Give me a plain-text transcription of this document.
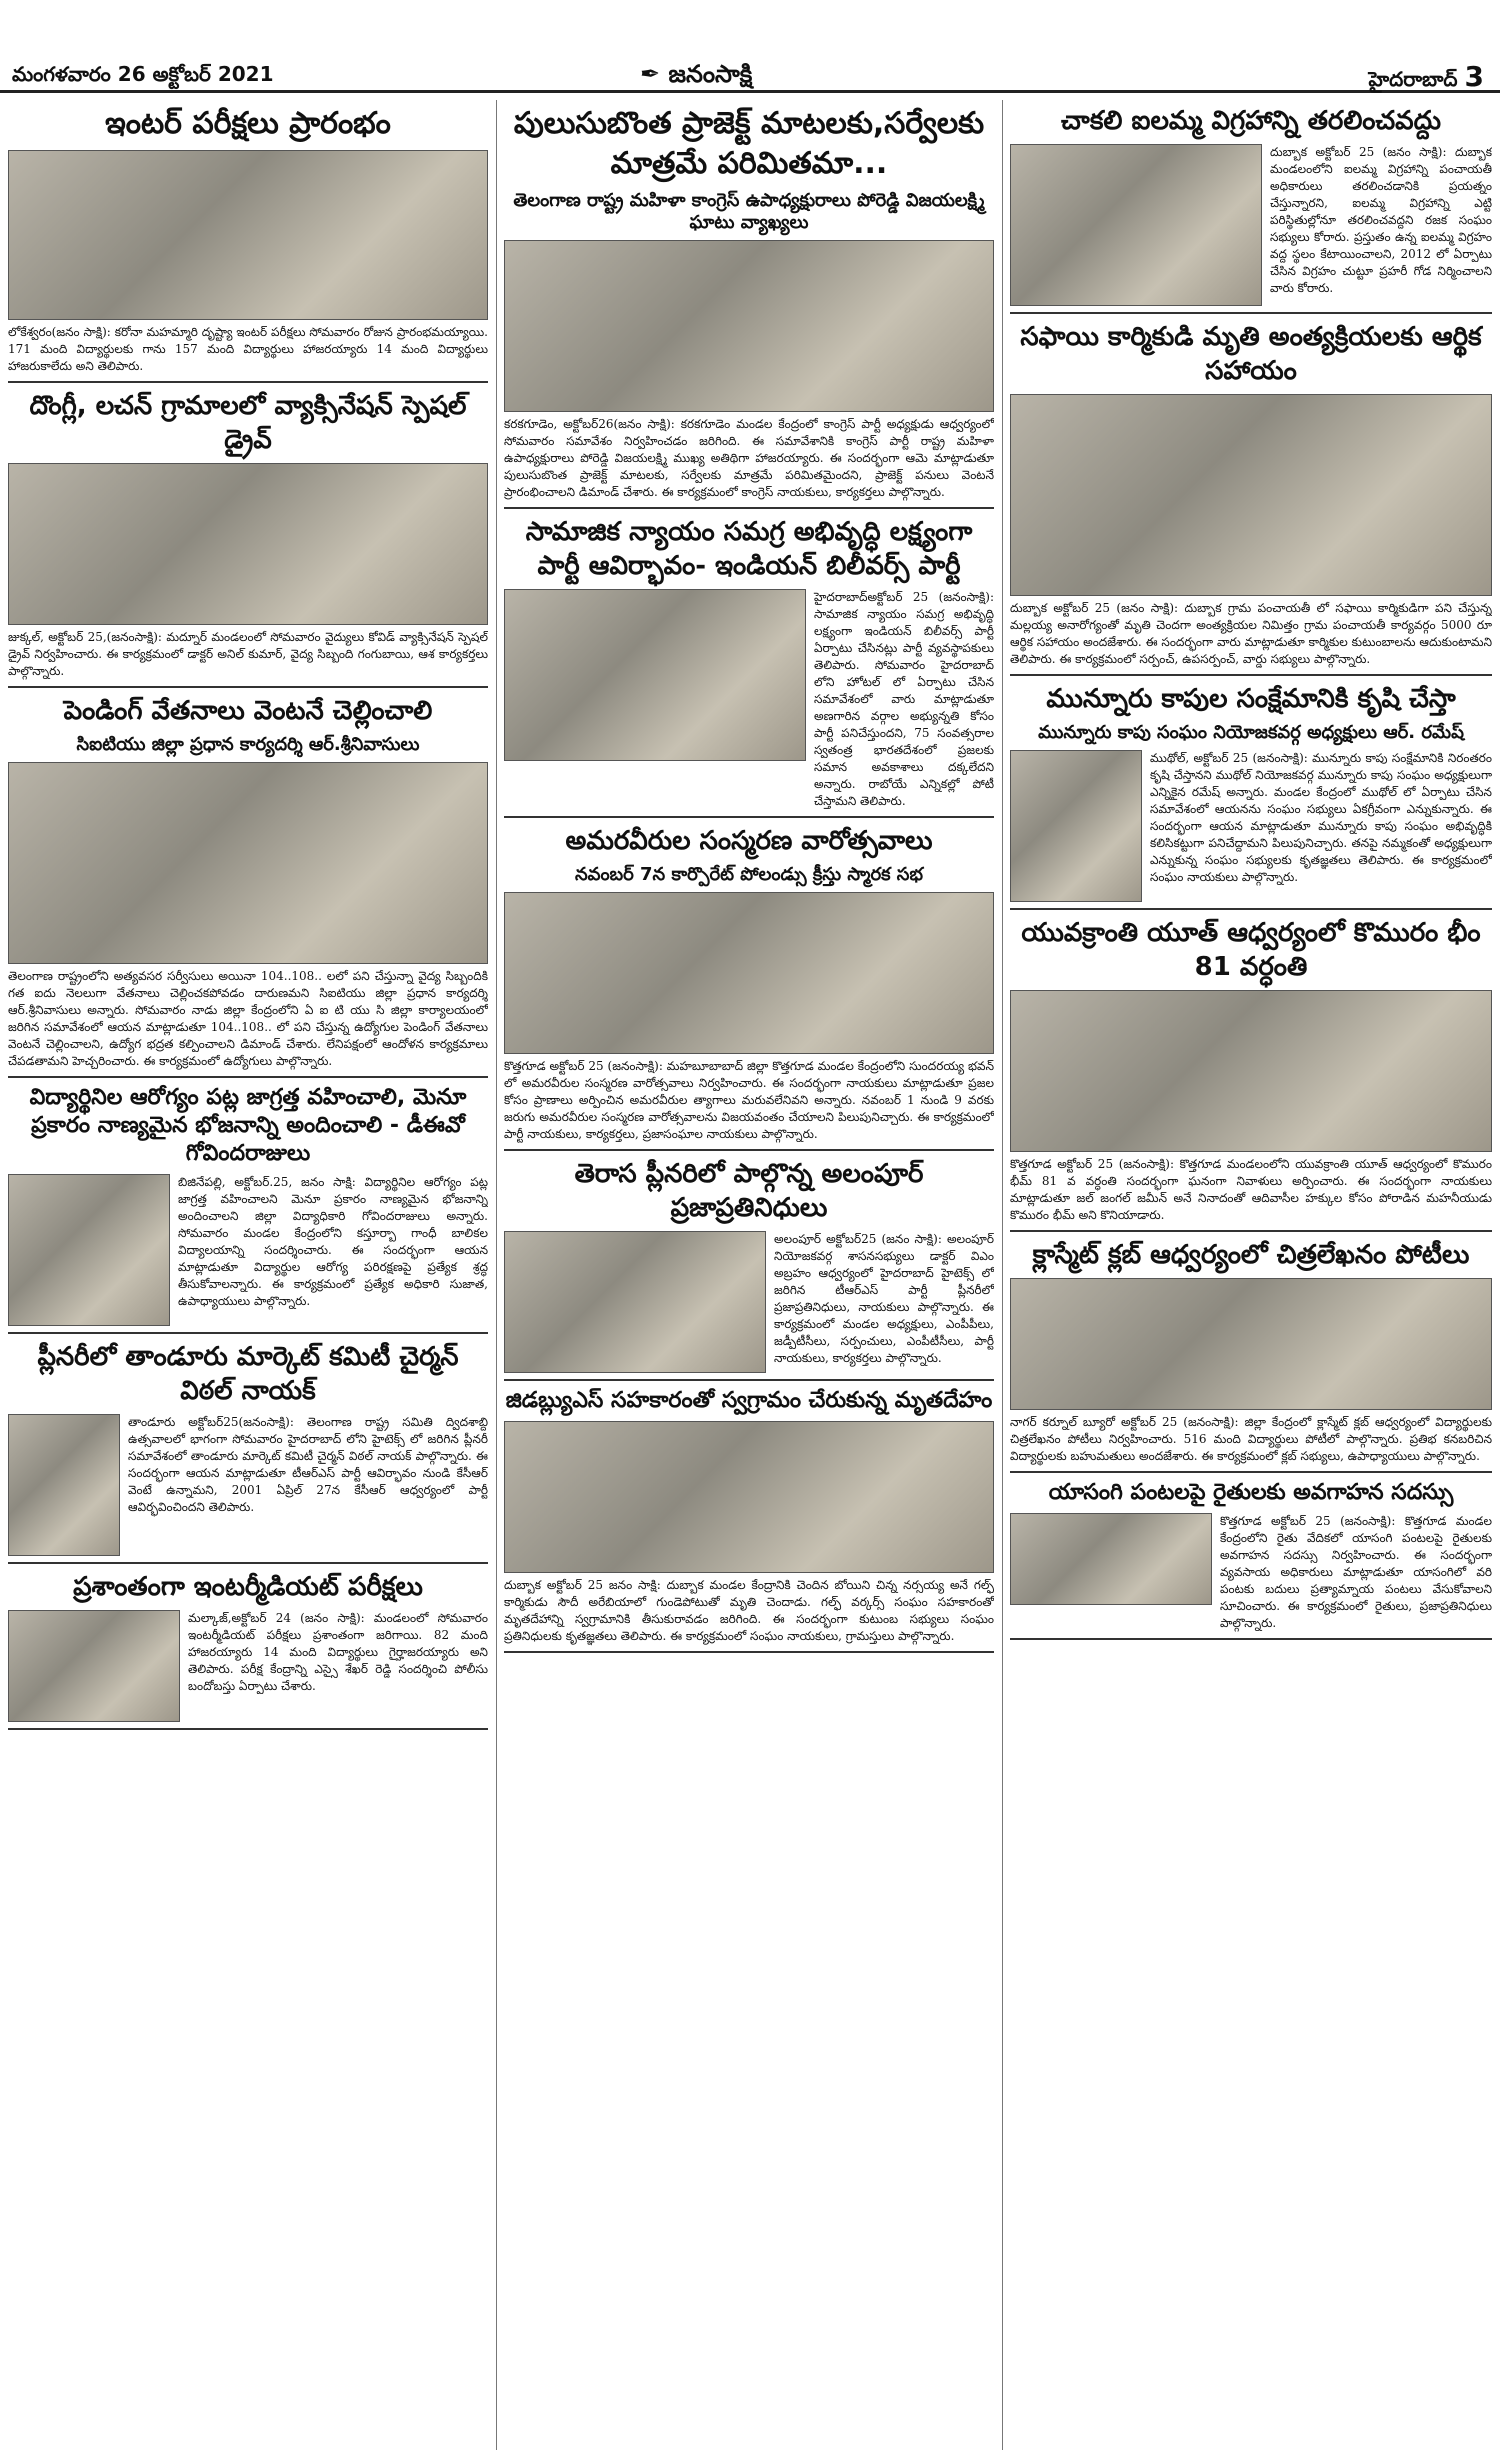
మంగళవారం 26 అక్టోబర్ 2021	✒ జనంసాక్షి	హైదరాబాద్ 3
ఇంటర్ పరీక్షలు ప్రారంభం

లోకేశ్వరం(జనం సాక్షి): కరోనా మహమ్మారి దృష్ట్యా ఇంటర్ పరీక్షలు సోమవారం రోజున ప్రారంభమయ్యాయి. 171 మంది విద్యార్థులకు గాను 157 మంది విద్యార్థులు హాజరయ్యారు 14 మంది విద్యార్థులు హాజరుకాలేదు అని తెలిపారు.

దొంగ్లీ, లచన్ గ్రామాలలో వ్యాక్సినేషన్ స్పెషల్ డ్రైవ్

జుక్కల్, అక్టోబర్ 25,(జనంసాక్షి): మద్నూర్ మండలంలో సోమవారం వైద్యులు కోవిడ్ వ్యాక్సినేషన్ స్పెషల్ డ్రైవ్ నిర్వహించారు. ఈ కార్యక్రమంలో డాక్టర్ అనిల్ కుమార్, వైద్య సిబ్బంది గంగుబాయి, ఆశ కార్యకర్తలు పాల్గొన్నారు.

పెండింగ్ వేతనాలు వెంటనే చెల్లించాలి
సిఐటియు జిల్లా ప్రధాన కార్యదర్శి ఆర్.శ్రీనివాసులు

తెలంగాణ రాష్ట్రంలోని అత్యవసర సర్వీసులు అయినా 104..108.. లలో పని చేస్తున్నా వైద్య సిబ్బందికి గత ఐదు నెలలుగా వేతనాలు చెల్లించకపోవడం దారుణమని సిఐటియు జిల్లా ప్రధాన కార్యదర్శి ఆర్.శ్రీనివాసులు అన్నారు. సోమవారం నాడు జిల్లా కేంద్రంలోని ఏ ఐ టి యు సి జిల్లా కార్యాలయంలో జరిగిన సమావేశంలో ఆయన మాట్లాడుతూ 104..108.. లో పని చేస్తున్న ఉద్యోగుల పెండింగ్ వేతనాలు వెంటనే చెల్లించాలని, ఉద్యోగ భద్రత కల్పించాలని డిమాండ్ చేశారు. లేనిపక్షంలో ఆందోళన కార్యక్రమాలు చేపడతామని హెచ్చరించారు. ఈ కార్యక్రమంలో ఉద్యోగులు పాల్గొన్నారు.

విద్యార్థినిల ఆరోగ్యం పట్ల జాగ్రత్త వహించాలి, మెనూ ప్రకారం నాణ్యమైన భోజనాన్ని అందించాలి - డీఈవో గోవిందరాజులు

బిజినేపల్లి, అక్టోబర్.25, జనం సాక్షి: విద్యార్థినిల ఆరోగ్యం పట్ల జాగ్రత్త వహించాలని మెనూ ప్రకారం నాణ్యమైన భోజనాన్ని అందించాలని జిల్లా విద్యాధికారి గోవిందరాజులు అన్నారు. సోమవారం మండల కేంద్రంలోని కస్తూర్బా గాంధీ బాలికల విద్యాలయాన్ని సందర్శించారు. ఈ సందర్భంగా ఆయన మాట్లాడుతూ విద్యార్థుల ఆరోగ్య పరిరక్షణపై ప్రత్యేక శ్రద్ధ తీసుకోవాలన్నారు. ఈ కార్యక్రమంలో ప్రత్యేక అధికారి సుజాత, ఉపాధ్యాయులు పాల్గొన్నారు.

ప్లీనరీలో తాండూరు మార్కెట్ కమిటీ చైర్మన్ విఠల్ నాయక్

తాండూరు అక్టోబర్25(జనంసాక్షి): తెలంగాణ రాష్ట్ర సమితి ద్విదశాబ్ది ఉత్సవాలలో భాగంగా సోమవారం హైదరాబాద్ లోని హైటెక్స్ లో జరిగిన ప్లీనరీ సమావేశంలో తాండూరు మార్కెట్ కమిటీ చైర్మన్ విఠల్ నాయక్ పాల్గొన్నారు. ఈ సందర్భంగా ఆయన మాట్లాడుతూ టీఆర్ఎస్ పార్టీ ఆవిర్భావం నుండి కేసీఆర్ వెంటే ఉన్నామని, 2001 ఏప్రిల్ 27న కేసీఆర్ ఆధ్వర్యంలో పార్టీ ఆవిర్భవించిందని తెలిపారు.

ప్రశాంతంగా ఇంటర్మీడియట్ పరీక్షలు

మల్కాజ్,అక్టోబర్ 24 (జనం సాక్షి): మండలంలో సోమవారం ఇంటర్మీడియట్ పరీక్షలు ప్రశాంతంగా జరిగాయి. 82 మంది హాజరయ్యారు 14 మంది విద్యార్థులు గైర్హాజరయ్యారు అని తెలిపారు. పరీక్ష కేంద్రాన్ని ఎస్సై శేఖర్ రెడ్డి సందర్శించి పోలీసు బందోబస్తు ఏర్పాటు చేశారు.

పులుసుబొంత ప్రాజెక్ట్ మాటలకు,సర్వేలకు మాత్రమే పరిమితమా...
తెలంగాణ రాష్ట్ర మహిళా కాంగ్రెస్ ఉపాధ్యక్షురాలు పోరెడ్డి విజయలక్ష్మి ఘాటు వ్యాఖ్యలు

కరకగూడెం, అక్టోబర్26(జనం సాక్షి): కరకగూడెం మండల కేంద్రంలో కాంగ్రెస్ పార్టీ అధ్యక్షుడు ఆధ్వర్యంలో సోమవారం సమావేశం నిర్వహించడం జరిగింది. ఈ సమావేశానికి కాంగ్రెస్ పార్టీ రాష్ట్ర మహిళా ఉపాధ్యక్షురాలు పోరెడ్డి విజయలక్ష్మి ముఖ్య అతిథిగా హాజరయ్యారు. ఈ సందర్భంగా ఆమె మాట్లాడుతూ పులుసుబొంత ప్రాజెక్ట్ మాటలకు, సర్వేలకు మాత్రమే పరిమితమైందని, ప్రాజెక్ట్ పనులు వెంటనే ప్రారంభించాలని డిమాండ్ చేశారు. ఈ కార్యక్రమంలో కాంగ్రెస్ నాయకులు, కార్యకర్తలు పాల్గొన్నారు.

సామాజిక న్యాయం సమగ్ర అభివృద్ధి లక్ష్యంగా పార్టీ ఆవిర్భావం- ఇండియన్ బిలీవర్స్ పార్టీ

హైదరాబాద్అక్టోబర్ 25 (జనంసాక్షి): సామాజిక న్యాయం సమగ్ర అభివృద్ధి లక్ష్యంగా ఇండియన్ బిలీవర్స్ పార్టీ ఏర్పాటు చేసినట్లు పార్టీ వ్యవస్థాపకులు తెలిపారు. సోమవారం హైదరాబాద్ లోని హోటల్ లో ఏర్పాటు చేసిన సమావేశంలో వారు మాట్లాడుతూ అణగారిన వర్గాల అభ్యున్నతి కోసం పార్టీ పనిచేస్తుందని, 75 సంవత్సరాల స్వతంత్ర భారతదేశంలో ప్రజలకు సమాన అవకాశాలు దక్కలేదని అన్నారు. రాబోయే ఎన్నికల్లో పోటీ చేస్తామని తెలిపారు.

అమరవీరుల సంస్మరణ వారోత్సవాలు
నవంబర్ 7న కార్పొరేట్ పోలండ్సు క్రీస్తు స్మారక సభ

కొత్తగూడ అక్టోబర్ 25 (జనంసాక్షి): మహబూబాబాద్ జిల్లా కొత్తగూడ మండల కేంద్రంలోని సుందరయ్య భవన్ లో అమరవీరుల సంస్మరణ వారోత్సవాలు నిర్వహించారు. ఈ సందర్భంగా నాయకులు మాట్లాడుతూ ప్రజల కోసం ప్రాణాలు అర్పించిన అమరవీరుల త్యాగాలు మరువలేనివని అన్నారు. నవంబర్ 1 నుండి 9 వరకు జరుగు అమరవీరుల సంస్మరణ వారోత్సవాలను విజయవంతం చేయాలని పిలుపునిచ్చారు. ఈ కార్యక్రమంలో పార్టీ నాయకులు, కార్యకర్తలు, ప్రజాసంఘాల నాయకులు పాల్గొన్నారు.

తెరాస ప్లీనరిలో పాల్గొన్న అలంపూర్ ప్రజాప్రతినిధులు

అలంపూర్ అక్టోబర్25 (జనం సాక్షి): అలంపూర్ నియోజకవర్గ శాసనసభ్యులు డాక్టర్ విఎం అబ్రహం ఆధ్వర్యంలో హైదరాబాద్ హైటెక్స్ లో జరిగిన టీఆర్ఎస్ పార్టీ ప్లీనరీలో ప్రజాప్రతినిధులు, నాయకులు పాల్గొన్నారు. ఈ కార్యక్రమంలో మండల అధ్యక్షులు, ఎంపీపీలు, జడ్పీటీసీలు, సర్పంచులు, ఎంపీటీసీలు, పార్టీ నాయకులు, కార్యకర్తలు పాల్గొన్నారు.

జిడబ్ల్యుఎస్ సహకారంతో స్వగ్రామం చేరుకున్న మృతదేహం

దుబ్బాక అక్టోబర్ 25 జనం సాక్షి: దుబ్బాక మండల కేంద్రానికి చెందిన బోయిని చిన్న నర్సయ్య అనే గల్ఫ్ కార్మికుడు సౌదీ అరేబియాలో గుండెపోటుతో మృతి చెందాడు. గల్ఫ్ వర్కర్స్ సంఘం సహకారంతో మృతదేహాన్ని స్వగ్రామానికి తీసుకురావడం జరిగింది. ఈ సందర్భంగా కుటుంబ సభ్యులు సంఘం ప్రతినిధులకు కృతజ్ఞతలు తెలిపారు. ఈ కార్యక్రమంలో సంఘం నాయకులు, గ్రామస్తులు పాల్గొన్నారు.

చాకలి ఐలమ్మ విగ్రహాన్ని తరలించవద్దు

దుబ్బాక అక్టోబర్ 25 (జనం సాక్షి): దుబ్బాక మండలంలోని ఐలమ్మ విగ్రహాన్ని పంచాయతీ అధికారులు తరలించడానికి ప్రయత్నం చేస్తున్నారని, ఐలమ్మ విగ్రహాన్ని ఎట్టి పరిస్థితుల్లోనూ తరలించవద్దని రజక సంఘం సభ్యులు కోరారు. ప్రస్తుతం ఉన్న ఐలమ్మ విగ్రహం వద్ద స్థలం కేటాయించాలని, 2012 లో ఏర్పాటు చేసిన విగ్రహం చుట్టూ ప్రహరీ గోడ నిర్మించాలని వారు కోరారు.

సఫాయి కార్మికుడి మృతి అంత్యక్రియలకు ఆర్థిక సహాయం

దుబ్బాక అక్టోబర్ 25 (జనం సాక్షి): దుబ్బాక గ్రామ పంచాయతీ లో సఫాయి కార్మికుడిగా పని చేస్తున్న మల్లయ్య అనారోగ్యంతో మృతి చెందగా అంత్యక్రియల నిమిత్తం గ్రామ పంచాయతీ కార్యవర్గం 5000 రూ ఆర్థిక సహాయం అందజేశారు. ఈ సందర్భంగా వారు మాట్లాడుతూ కార్మికుల కుటుంబాలను ఆదుకుంటామని తెలిపారు. ఈ కార్యక్రమంలో సర్పంచ్, ఉపసర్పంచ్, వార్డు సభ్యులు పాల్గొన్నారు.

మున్నూరు కాపుల సంక్షేమానికి కృషి చేస్తా
మున్నూరు కాపు సంఘం నియోజకవర్గ అధ్యక్షులు ఆర్. రమేష్

ముథోల్, అక్టోబర్ 25 (జనంసాక్షి): మున్నూరు కాపు సంక్షేమానికి నిరంతరం కృషి చేస్తానని ముథోల్ నియోజకవర్గ మున్నూరు కాపు సంఘం అధ్యక్షులుగా ఎన్నికైన రమేష్ అన్నారు. మండల కేంద్రంలో ముథోల్ లో ఏర్పాటు చేసిన సమావేశంలో ఆయనను సంఘం సభ్యులు ఏకగ్రీవంగా ఎన్నుకున్నారు. ఈ సందర్భంగా ఆయన మాట్లాడుతూ మున్నూరు కాపు సంఘం అభివృద్ధికి కలిసికట్టుగా పనిచేద్దామని పిలుపునిచ్చారు. తనపై నమ్మకంతో అధ్యక్షులుగా ఎన్నుకున్న సంఘం సభ్యులకు కృతజ్ఞతలు తెలిపారు. ఈ కార్యక్రమంలో సంఘం నాయకులు పాల్గొన్నారు.

యువక్రాంతి యూత్ ఆధ్వర్యంలో కొమురం భీం 81 వర్ధంతి

కొత్తగూడ అక్టోబర్ 25 (జనంసాక్షి): కొత్తగూడ మండలంలోని యువక్రాంతి యూత్ ఆధ్వర్యంలో కొమురం భీమ్ 81 వ వర్ధంతి సందర్భంగా ఘనంగా నివాళులు అర్పించారు. ఈ సందర్భంగా నాయకులు మాట్లాడుతూ జల్ జంగల్ జమీన్ అనే నినాదంతో ఆదివాసీల హక్కుల కోసం పోరాడిన మహనీయుడు కొమురం భీమ్ అని కొనియాడారు.

క్లాస్మేట్ క్లబ్ ఆధ్వర్యంలో చిత్రలేఖనం పోటీలు

నాగర్ కర్నూల్ బ్యూరో అక్టోబర్ 25 (జనంసాక్షి): జిల్లా కేంద్రంలో క్లాస్మేట్ క్లబ్ ఆధ్వర్యంలో విద్యార్థులకు చిత్రలేఖనం పోటీలు నిర్వహించారు. 516 మంది విద్యార్థులు పోటీలో పాల్గొన్నారు. ప్రతిభ కనబరిచిన విద్యార్థులకు బహుమతులు అందజేశారు. ఈ కార్యక్రమంలో క్లబ్ సభ్యులు, ఉపాధ్యాయులు పాల్గొన్నారు.

యాసంగి పంటలపై రైతులకు అవగాహన సదస్సు

కొత్తగూడ అక్టోబర్ 25 (జనంసాక్షి): కొత్తగూడ మండల కేంద్రంలోని రైతు వేదికలో యాసంగి పంటలపై రైతులకు అవగాహన సదస్సు నిర్వహించారు. ఈ సందర్భంగా వ్యవసాయ అధికారులు మాట్లాడుతూ యాసంగిలో వరి పంటకు బదులు ప్రత్యామ్నాయ పంటలు వేసుకోవాలని సూచించారు. ఈ కార్యక్రమంలో రైతులు, ప్రజాప్రతినిధులు పాల్గొన్నారు.
